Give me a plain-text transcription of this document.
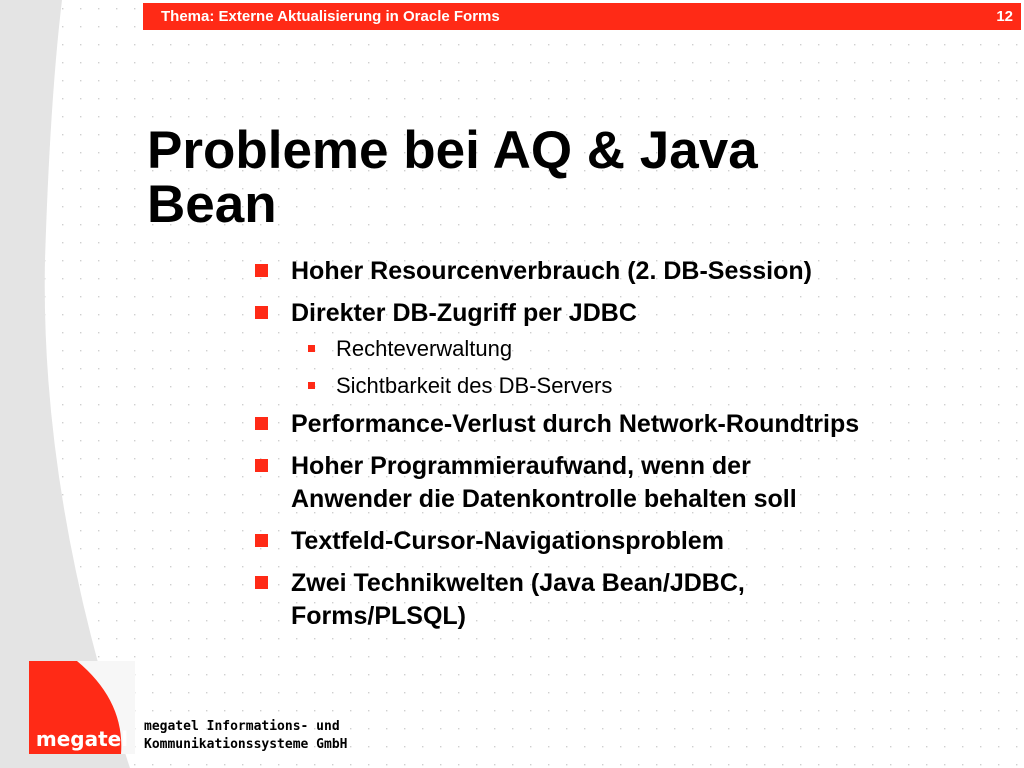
Thema: Externe Aktualisierung in Oracle Forms	12
Probleme bei AQ & Java
Bean
Hoher Resourcenverbrauch (2. DB-Session)
Direkter DB-Zugriff per JDBC
Rechteverwaltung
Sichtbarkeit des DB-Servers
Performance-Verlust durch Network-Roundtrips
Hoher Programmieraufwand, wenn der
Anwender die Datenkontrolle behalten soll
Textfeld-Cursor-Navigationsproblem
Zwei Technikwelten (Java Bean/JDBC,
Forms/PLSQL)
megatel
megatel Informations- und
Kommunikationssysteme GmbH
